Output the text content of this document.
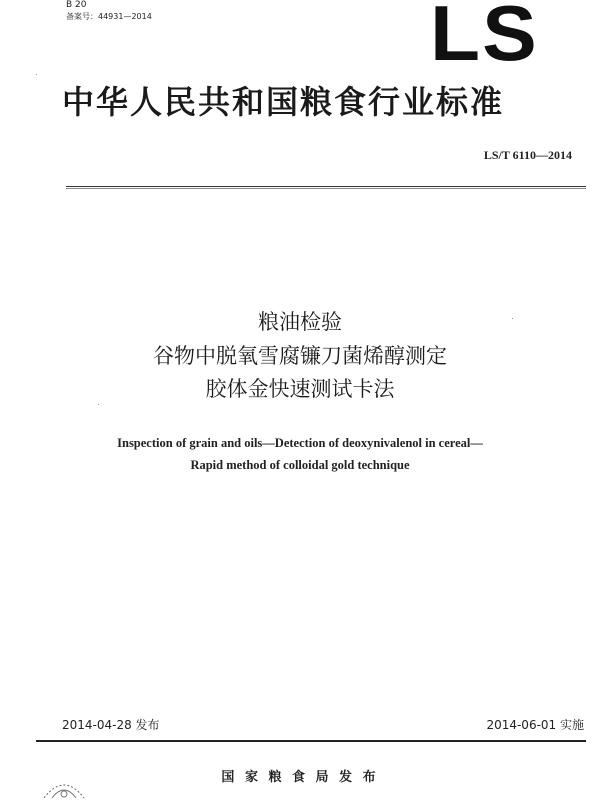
B 20
备案号：44931—2014	LS
中华人民共和国粮食行业标准
LS/T 6110—2014
粮油检验
谷物中脱氧雪腐镰刀菌烯醇测定
胶体金快速测试卡法
Inspection of grain and oils—Detection of deoxynivalenol in cereal—
Rapid method of colloidal gold technique
2014-04-28 发布	2014-06-01 实施
国 家 粮 食 局 发 布
